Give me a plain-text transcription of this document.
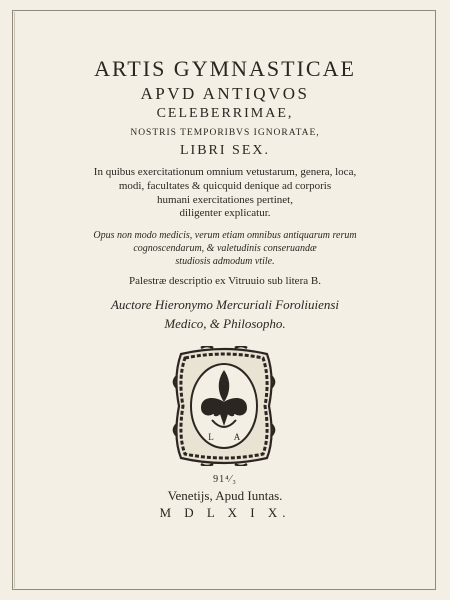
ARTIS GYMNASTICAE
APVD ANTIQVOS
CELEBERRIMAE,
NOSTRIS TEMPORIBVS IGNORATAE,
LIBRI SEX.
In quibus exercitationum omnium vetustarum, genera, loca,
modi, facultates & quicquid denique ad corporis
humani exercitationes pertinet,
diligenter explicatur.
Opus non modo medicis, verum etiam omnibus antiquarum rerum
cognoscendarum, & valetudinis conseruandæ
studiosis admodum vtile.
Palestræ descriptio ex Vitruuio sub litera B.
Auctore Hieronymo Mercuriali Foroliuiensi
Medico, & Philosopho.
L A
91⁴⁄₃
Venetijs, Apud Iuntas.
M D L X I X.
